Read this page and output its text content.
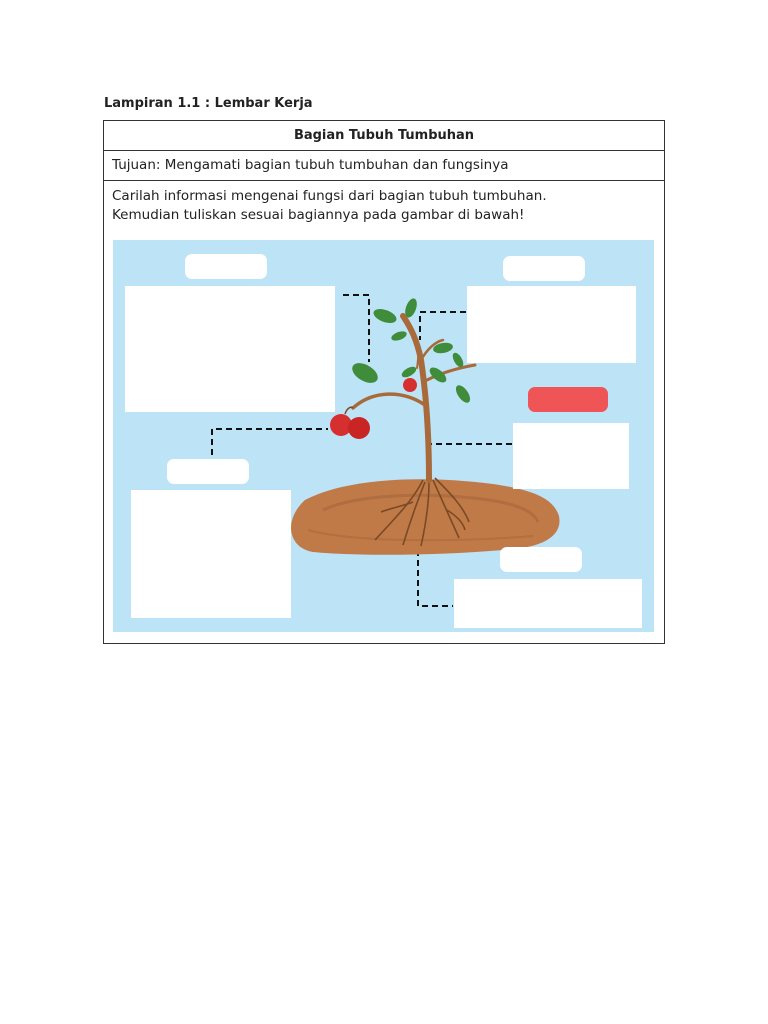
Lampiran 1.1 : Lembar Kerja
Bagian Tubuh Tumbuhan
Tujuan: Mengamati bagian tubuh tumbuhan dan fungsinya

Carilah informasi mengenai fungsi dari bagian tubuh tumbuhan.

Kemudian tuliskan sesuai bagiannya pada gambar di bawah!
